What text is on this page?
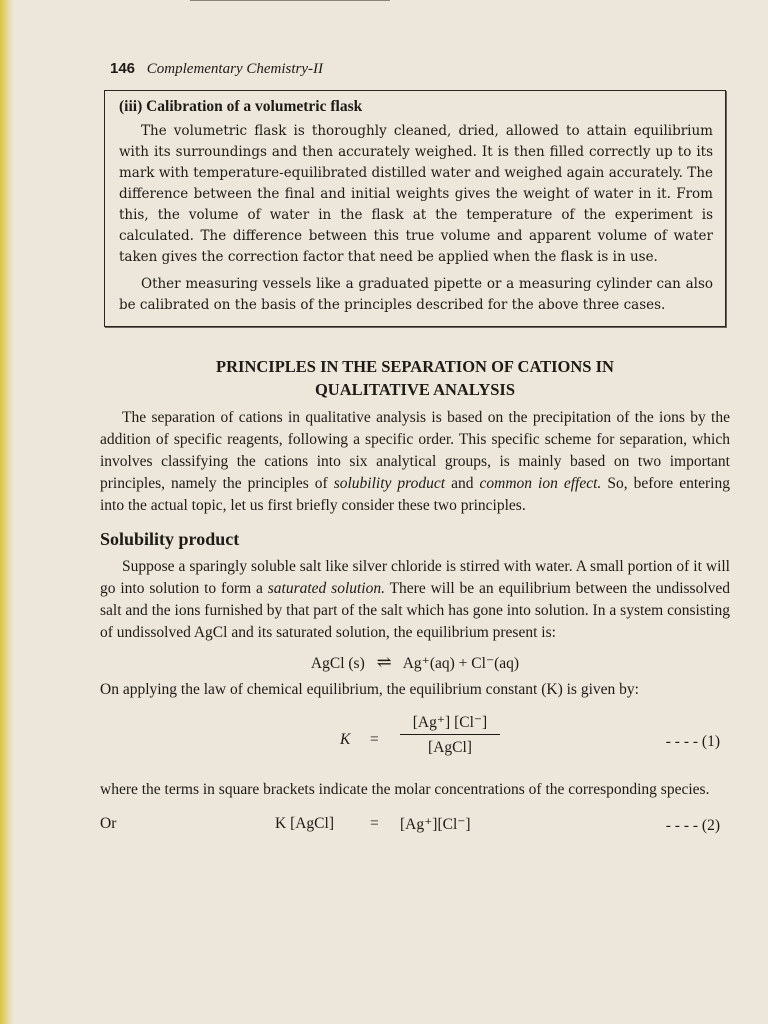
146 Complementary Chemistry-II
(iii) Calibration of a volumetric flask

The volumetric flask is thoroughly cleaned, dried, allowed to attain equilibrium with its surroundings and then accurately weighed. It is then filled correctly up to its mark with temperature-equilibrated distilled water and weighed again accurately. The difference between the final and initial weights gives the weight of water in it. From this, the volume of water in the flask at the temperature of the experiment is calculated. The difference between this true volume and apparent volume of water taken gives the correction factor that need be applied when the flask is in use.

Other measuring vessels like a graduated pipette or a measuring cylinder can also be calibrated on the basis of the principles described for the above three cases.

PRINCIPLES IN THE SEPARATION OF CATIONS IN
QUALITATIVE ANALYSIS

The separation of cations in qualitative analysis is based on the precipitation of the ions by the addition of specific reagents, following a specific order. This specific scheme for separation, which involves classifying the cations into six analytical groups, is mainly based on two important principles, namely the principles of solubility product and common ion effect. So, before entering into the actual topic, let us first briefly consider these two principles.

Solubility product

Suppose a sparingly soluble salt like silver chloride is stirred with water. A small portion of it will go into solution to form a saturated solution. There will be an equilibrium between the undissolved salt and the ions furnished by that part of the salt which has gone into solution. In a system consisting of undissolved AgCl and its saturated solution, the equilibrium present is:

AgCl (s) ⇌ Ag⁺(aq) + Cl⁻(aq)

On applying the law of chemical equilibrium, the equilibrium constant (K) is given by:

K =
[Ag⁺] [Cl⁻]
[AgCl]	- - - - (1)

where the terms in square brackets indicate the molar concentrations of the corresponding species.

Or	K [AgCl] = [Ag⁺][Cl⁻]	- - - - (2)
